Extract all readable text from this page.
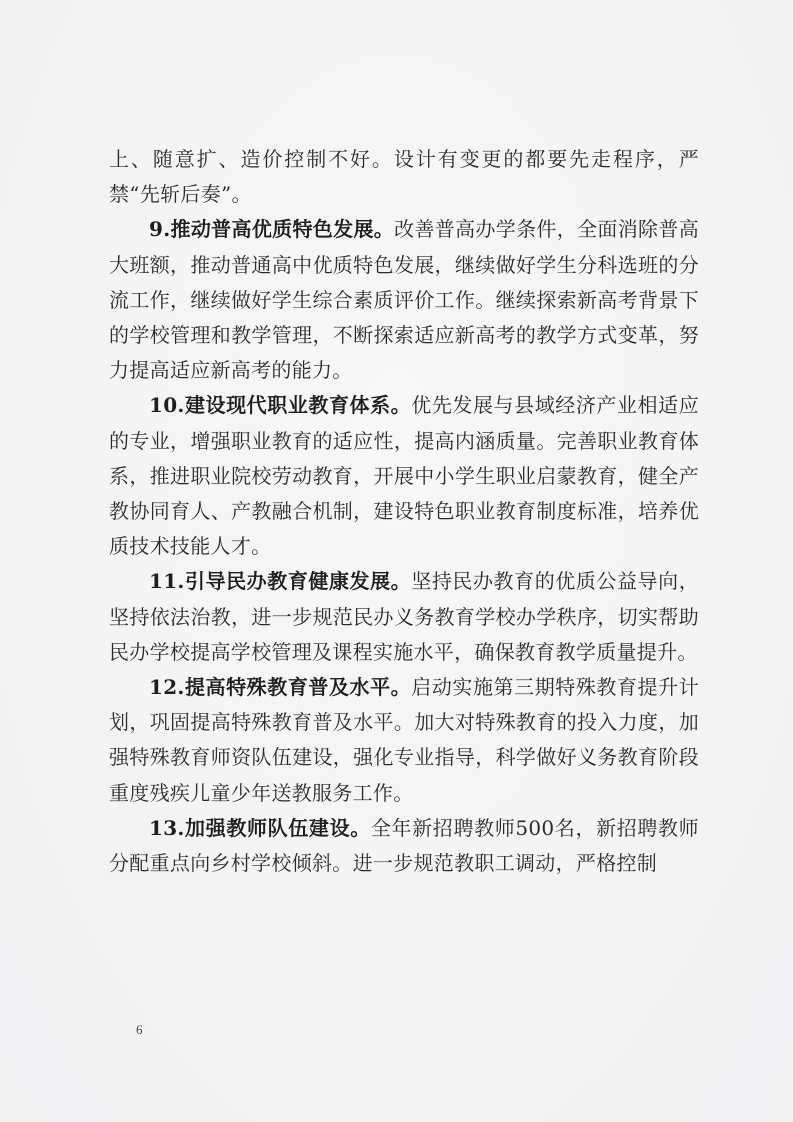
上、随意扩、造价控制不好。设计有变更的都要先走程序，严禁“先斩后奏”。

9.推动普高优质特色发展。改善普高办学条件，全面消除普高大班额，推动普通高中优质特色发展，继续做好学生分科选班的分流工作，继续做好学生综合素质评价工作。继续探索新高考背景下的学校管理和教学管理，不断探索适应新高考的教学方式变革，努力提高适应新高考的能力。

10.建设现代职业教育体系。优先发展与县域经济产业相适应的专业，增强职业教育的适应性，提高内涵质量。完善职业教育体系，推进职业院校劳动教育，开展中小学生职业启蒙教育，健全产教协同育人、产教融合机制，建设特色职业教育制度标准，培养优质技术技能人才。

11.引导民办教育健康发展。坚持民办教育的优质公益导向，坚持依法治教，进一步规范民办义务教育学校办学秩序，切实帮助民办学校提高学校管理及课程实施水平，确保教育教学质量提升。

12.提高特殊教育普及水平。启动实施第三期特殊教育提升计划，巩固提高特殊教育普及水平。加大对特殊教育的投入力度，加强特殊教育师资队伍建设，强化专业指导，科学做好义务教育阶段重度残疾儿童少年送教服务工作。

13.加强教师队伍建设。全年新招聘教师500名，新招聘教师分配重点向乡村学校倾斜。进一步规范教职工调动，严格控制

6
